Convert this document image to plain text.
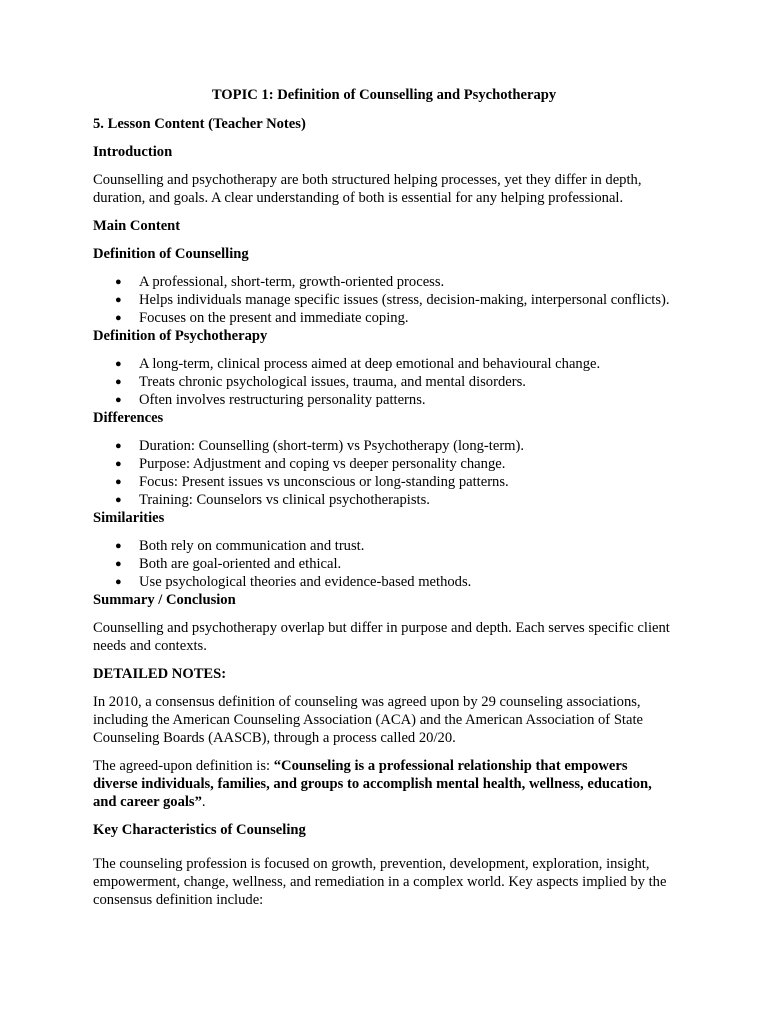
TOPIC 1: Definition of Counselling and Psychotherapy

5. Lesson Content (Teacher Notes)

Introduction

Counselling and psychotherapy are both structured helping processes, yet they differ in depth, duration, and goals. A clear understanding of both is essential for any helping professional.

Main Content

Definition of Counselling

● A professional, short-term, growth-oriented process.
● Helps individuals manage specific issues (stress, decision-making, interpersonal conflicts).
● Focuses on the present and immediate coping.

Definition of Psychotherapy

● A long-term, clinical process aimed at deep emotional and behavioural change.
● Treats chronic psychological issues, trauma, and mental disorders.
● Often involves restructuring personality patterns.

Differences

● Duration: Counselling (short-term) vs Psychotherapy (long-term).
● Purpose: Adjustment and coping vs deeper personality change.
● Focus: Present issues vs unconscious or long-standing patterns.
● Training: Counselors vs clinical psychotherapists.

Similarities

● Both rely on communication and trust.
● Both are goal-oriented and ethical.
● Use psychological theories and evidence-based methods.

Summary / Conclusion

Counselling and psychotherapy overlap but differ in purpose and depth. Each serves specific client needs and contexts.

DETAILED NOTES:

In 2010, a consensus definition of counseling was agreed upon by 29 counseling associations, including the American Counseling Association (ACA) and the American Association of State Counseling Boards (AASCB), through a process called 20/20.

The agreed-upon definition is: “Counseling is a professional relationship that empowers diverse individuals, families, and groups to accomplish mental health, wellness, education, and career goals”.

Key Characteristics of Counseling

The counseling profession is focused on growth, prevention, development, exploration, insight, empowerment, change, wellness, and remediation in a complex world. Key aspects implied by the consensus definition include:
